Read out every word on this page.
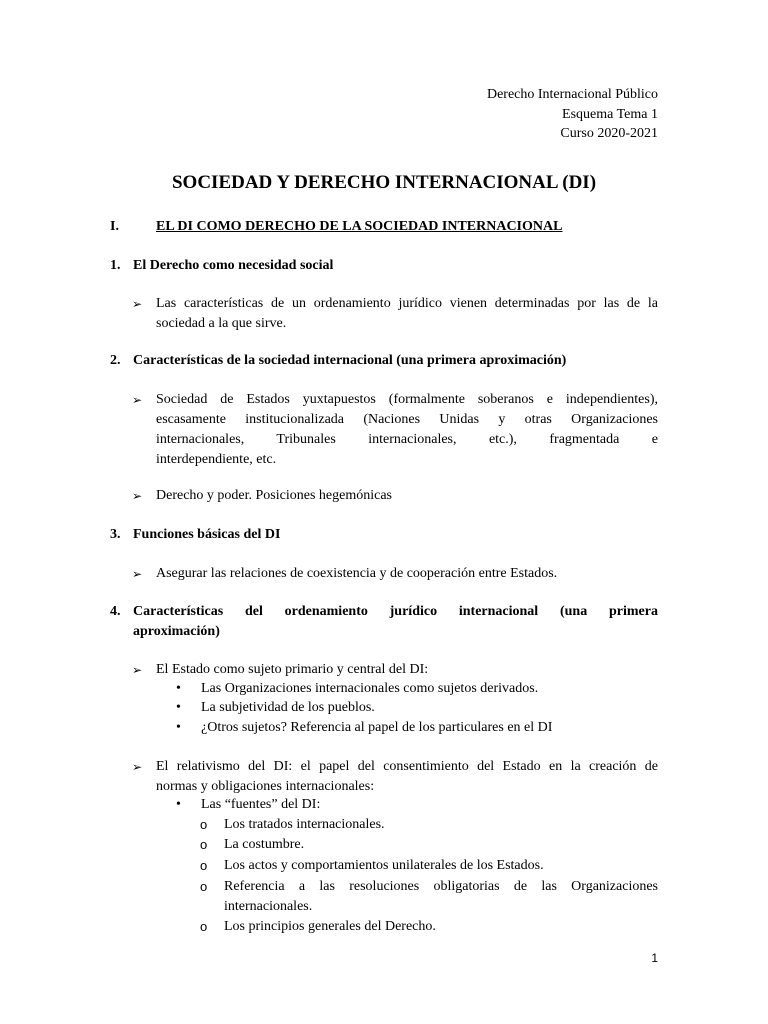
Derecho Internacional Público
Esquema Tema 1
Curso 2020-2021
SOCIEDAD Y DERECHO INTERNACIONAL (DI)
I.	EL DI COMO DERECHO DE LA SOCIEDAD INTERNACIONAL
1. El Derecho como necesidad social
➢ Las características de un ordenamiento jurídico vienen determinadas por las de la sociedad a la que sirve.
2. Características de la sociedad internacional (una primera aproximación)
➢ Sociedad de Estados yuxtapuestos (formalmente soberanos e independientes),
escasamente institucionalizada (Naciones Unidas y otras Organizaciones
internacionales, Tribunales internacionales, etc.), fragmentada e
interdependiente, etc.
➢ Derecho y poder. Posiciones hegemónicas
3. Funciones básicas del DI
➢ Asegurar las relaciones de coexistencia y de cooperación entre Estados.
4. Características del ordenamiento jurídico internacional (una primera
aproximación)
➢ El Estado como sujeto primario y central del DI:
•	Las Organizaciones internacionales como sujetos derivados.
•	La subjetividad de los pueblos.
•	¿Otros sujetos? Referencia al papel de los particulares en el DI
➢ El relativismo del DI: el papel del consentimiento del Estado en la creación de
normas y obligaciones internacionales:
•	Las “fuentes” del DI:
o	Los tratados internacionales.
o	La costumbre.
o	Los actos y comportamientos unilaterales de los Estados.
o	Referencia a las resoluciones obligatorias de las Organizaciones internacionales.
o	Los principios generales del Derecho.
1
